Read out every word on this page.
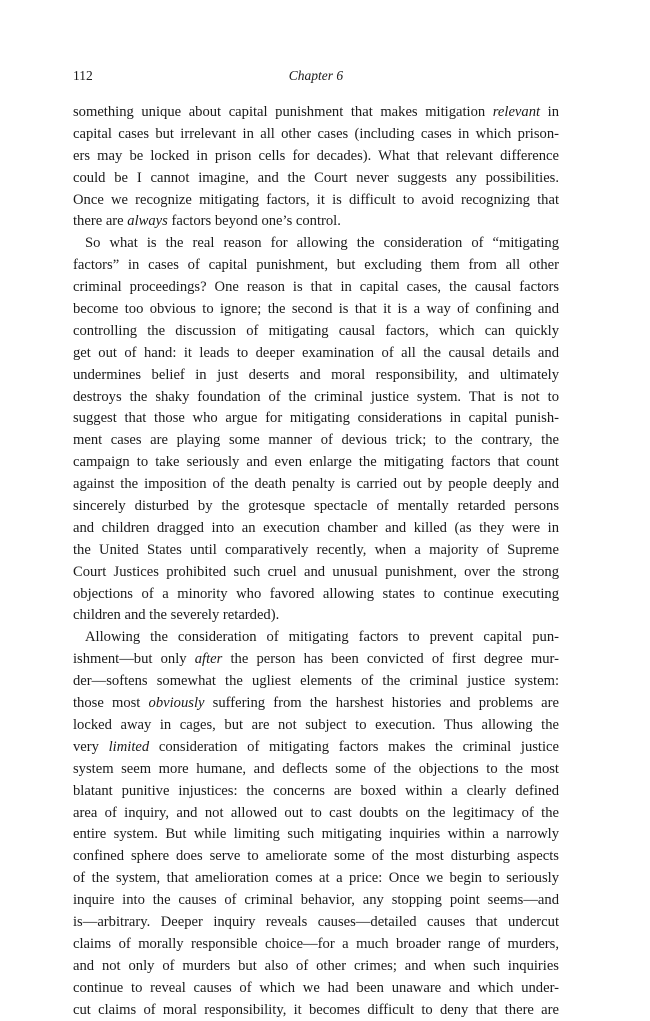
112	Chapter 6
something unique about capital punishment that makes mitigation relevant in
capital cases but irrelevant in all other cases (including cases in which prison-
ers may be locked in prison cells for decades). What that relevant difference
could be I cannot imagine, and the Court never suggests any possibilities.
Once we recognize mitigating factors, it is difficult to avoid recognizing that
there are always factors beyond one’s control.
So what is the real reason for allowing the consideration of “mitigating
factors” in cases of capital punishment, but excluding them from all other
criminal proceedings? One reason is that in capital cases, the causal factors
become too obvious to ignore; the second is that it is a way of confining and
controlling the discussion of mitigating causal factors, which can quickly
get out of hand: it leads to deeper examination of all the causal details and
undermines belief in just deserts and moral responsibility, and ultimately
destroys the shaky foundation of the criminal justice system. That is not to
suggest that those who argue for mitigating considerations in capital punish-
ment cases are playing some manner of devious trick; to the contrary, the
campaign to take seriously and even enlarge the mitigating factors that count
against the imposition of the death penalty is carried out by people deeply and
sincerely disturbed by the grotesque spectacle of mentally retarded persons
and children dragged into an execution chamber and killed (as they were in
the United States until comparatively recently, when a majority of Supreme
Court Justices prohibited such cruel and unusual punishment, over the strong
objections of a minority who favored allowing states to continue executing
children and the severely retarded).
Allowing the consideration of mitigating factors to prevent capital pun-
ishment—but only after the person has been convicted of first degree mur-
der—softens somewhat the ugliest elements of the criminal justice system:
those most obviously suffering from the harshest histories and problems are
locked away in cages, but are not subject to execution. Thus allowing the
very limited consideration of mitigating factors makes the criminal justice
system seem more humane, and deflects some of the objections to the most
blatant punitive injustices: the concerns are boxed within a clearly defined
area of inquiry, and not allowed out to cast doubts on the legitimacy of the
entire system. But while limiting such mitigating inquiries within a narrowly
confined sphere does serve to ameliorate some of the most disturbing aspects
of the system, that amelioration comes at a price: Once we begin to seriously
inquire into the causes of criminal behavior, any stopping point seems—and
is—arbitrary. Deeper inquiry reveals causes—detailed causes that undercut
claims of morally responsible choice—for a much broader range of murders,
and not only of murders but also of other crimes; and when such inquiries
continue to reveal causes of which we had been unaware and which under-
cut claims of moral responsibility, it becomes difficult to deny that there are
